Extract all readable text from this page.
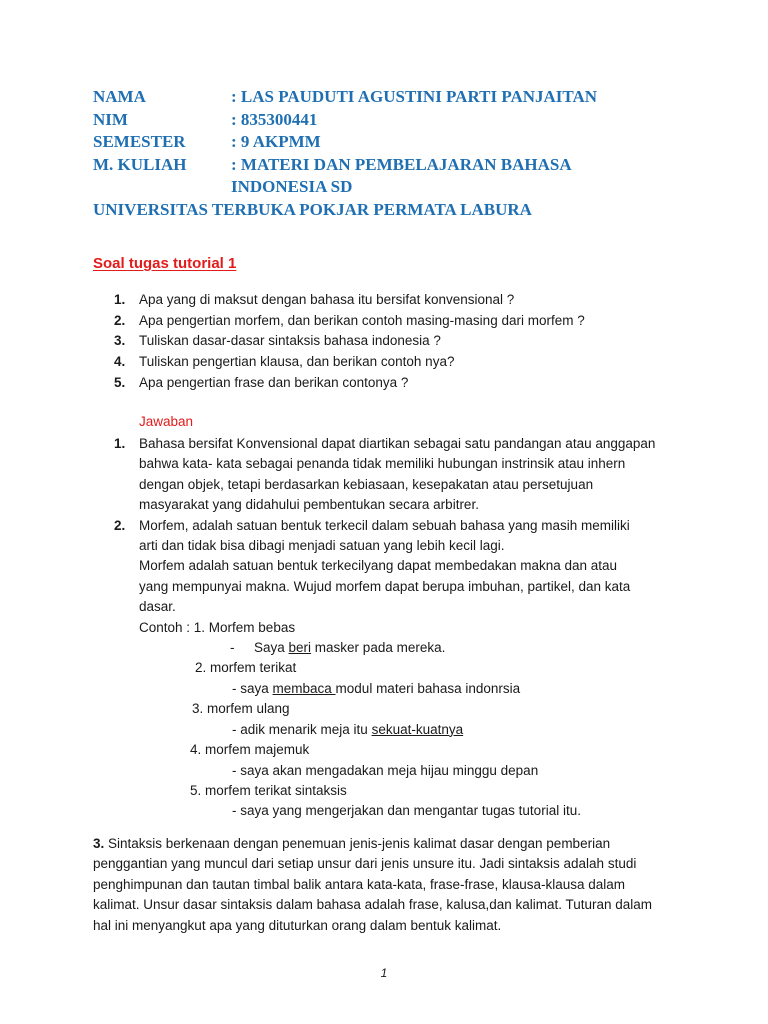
NAMA	: LAS PAUDUTI AGUSTINI PARTI PANJAITAN
NIM	: 835300441
SEMESTER	: 9 AKPMM
M. KULIAH	: MATERI DAN PEMBELAJARAN BAHASA
INDONESIA SD
UNIVERSITAS TERBUKA POKJAR PERMATA LABURA
Soal tugas tutorial 1
1.	Apa yang di maksut dengan bahasa itu bersifat konvensional ?
2.	Apa pengertian morfem, dan berikan contoh masing-masing dari morfem ?
3.	Tuliskan dasar-dasar sintaksis bahasa indonesia ?
4.	Tuliskan pengertian klausa, dan berikan contoh nya?
5.	Apa pengertian frase dan berikan contonya ?
Jawaban
1.	Bahasa bersifat Konvensional dapat diartikan sebagai satu pandangan atau anggapan
bahwa kata- kata sebagai penanda tidak memiliki hubungan instrinsik atau inhern
dengan objek, tetapi berdasarkan kebiasaan, kesepakatan atau persetujuan
masyarakat yang didahului pembentukan secara arbitrer.
2.	Morfem, adalah satuan bentuk terkecil dalam sebuah bahasa yang masih memiliki
arti dan tidak bisa dibagi menjadi satuan yang lebih kecil lagi.
Morfem adalah satuan bentuk terkecilyang dapat membedakan makna dan atau
yang mempunyai makna. Wujud morfem dapat berupa imbuhan, partikel, dan kata
dasar.
Contoh : 1. Morfem bebas
- Saya beri masker pada mereka.
2. morfem terikat
- saya membaca modul materi bahasa indonrsia
3. morfem ulang
- adik menarik meja itu sekuat-kuatnya
4. morfem majemuk
- saya akan mengadakan meja hijau minggu depan
5. morfem terikat sintaksis
- saya yang mengerjakan dan mengantar tugas tutorial itu.
3. Sintaksis berkenaan dengan penemuan jenis-jenis kalimat dasar dengan pemberian
penggantian yang muncul dari setiap unsur dari jenis unsure itu. Jadi sintaksis adalah studi
penghimpunan dan tautan timbal balik antara kata-kata, frase-frase, klausa-klausa dalam
kalimat. Unsur dasar sintaksis dalam bahasa adalah frase, kalusa,dan kalimat. Tuturan dalam
hal ini menyangkut apa yang dituturkan orang dalam bentuk kalimat.
1
